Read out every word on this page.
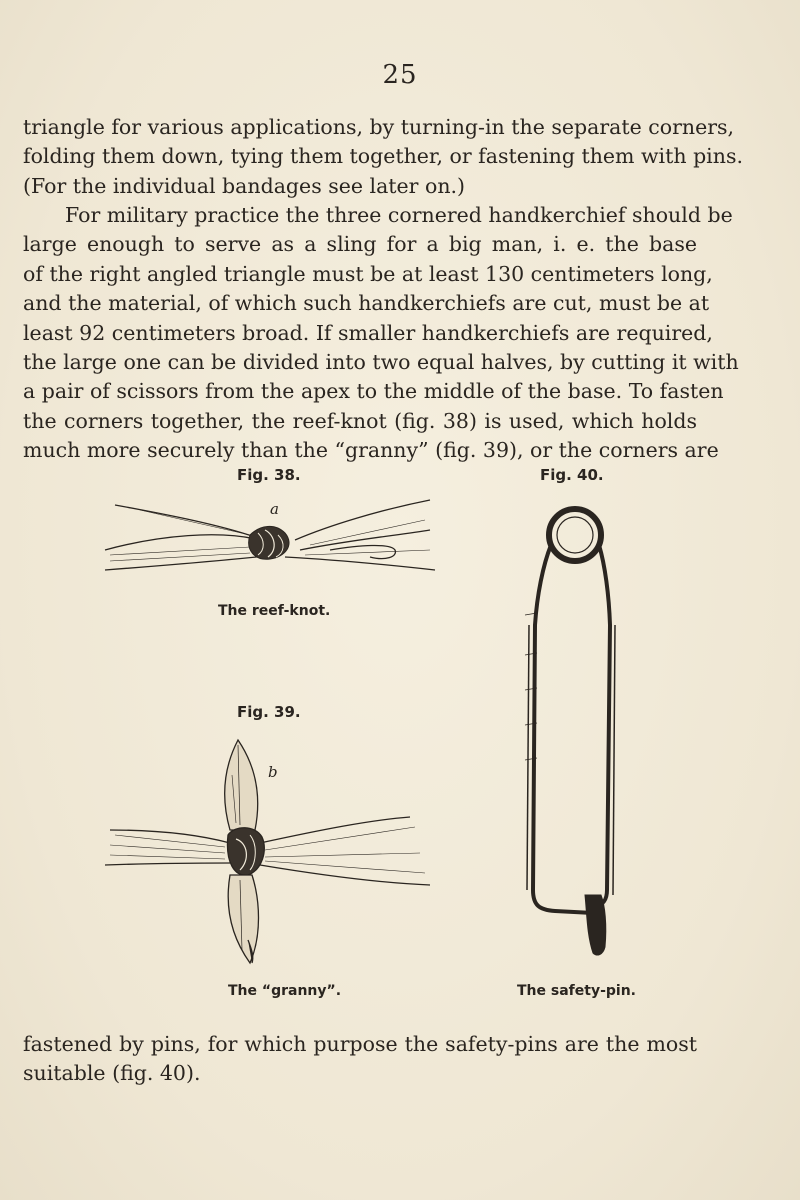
25

triangle for various applications, by turning-in the separate corners,
folding them down, tying them together, or fastening them with pins.
(For the individual bandages see later on.)

For military practice the three cornered handkerchief should be
large enough to serve as a sling for a big man, i. e. the base
of the right angled triangle must be at least 130 centimeters long,
and the material, of which such handkerchiefs are cut, must be at
least 92 centimeters broad. If smaller handkerchiefs are required,
the large one can be divided into two equal halves, by cutting it with
a pair of scissors from the apex to the middle of the base. To fasten
the corners together, the reef-knot (fig. 38) is used, which holds
much more securely than the “granny” (fig. 39), or the corners are

Fig. 38.
a
The reef-knot.
Fig. 39.
b
The “granny”.
Fig. 40.
The safety-pin.

fastened by pins, for which purpose the safety-pins are the most
suitable (fig. 40).
